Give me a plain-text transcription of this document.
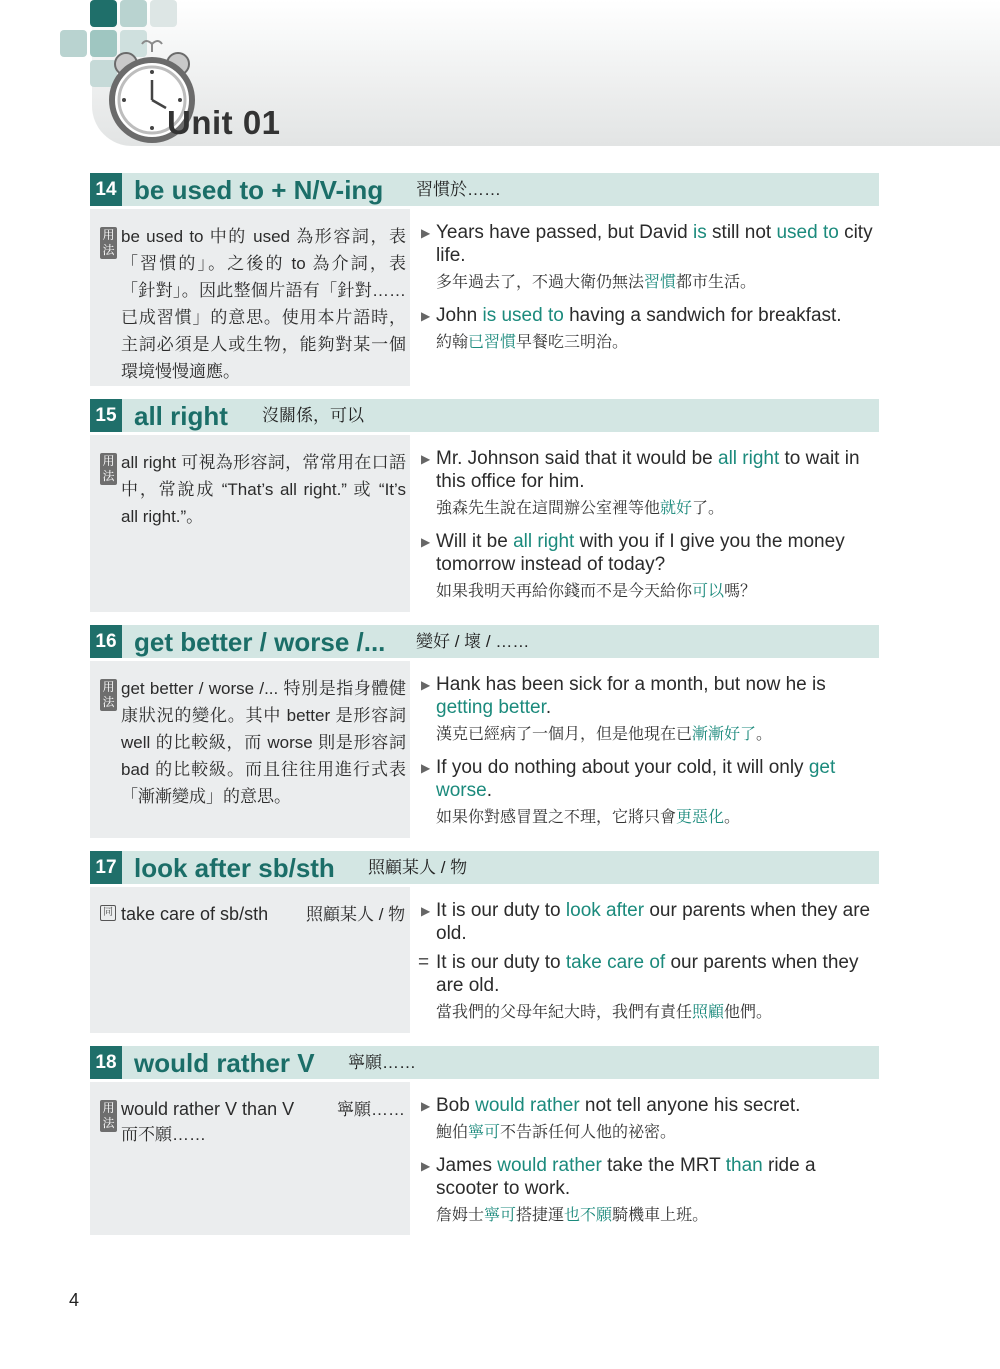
Unit 01
14 be used to + N/V-ing 習慣於……
用法
be used to 中的 used 為形容詞，表「習慣的」。之後的 to 為介詞，表「針對」。因此整個片語有「針對……已成習慣」的意思。使用本片語時，主詞必須是人或生物，能夠對某一個環境慢慢適應。
▶ Years have passed, but David is still not used to city life.
多年過去了，不過大衛仍無法習慣都市生活。
▶ John is used to having a sandwich for breakfast.
約翰已習慣早餐吃三明治。
15 all right 沒關係，可以
用法
all right 可視為形容詞，常常用在口語中，常說成 “That’s all right.” 或 “It’s all right.”。
▶ Mr. Johnson said that it would be all right to wait in this office for him.
強森先生說在這間辦公室裡等他就好了。
▶ Will it be all right with you if I give you the money tomorrow instead of today?
如果我明天再給你錢而不是今天給你可以嗎？
16 get better / worse /... 變好 / 壞 / ……
用法
get better / worse /... 特別是指身體健康狀況的變化。其中 better 是形容詞 well 的比較級，而 worse 則是形容詞 bad 的比較級。而且往往用進行式表「漸漸變成」的意思。
▶ Hank has been sick for a month, but now he is getting better.
漢克已經病了一個月，但是他現在已漸漸好了。
▶ If you do nothing about your cold, it will only get worse.
如果你對感冒置之不理，它將只會更惡化。
17 look after sb/sth 照顧某人 / 物
同 take care of sb/sth	照顧某人 / 物 ▶ It is our duty to look after our parents when they are old.
= It is our duty to take care of our parents when they are old.
當我們的父母年紀大時，我們有責任照顧他們。
18 would rather V 寧願……
用法
would rather V than V
而不願……
寧願…… ▶ Bob would rather not tell anyone his secret.
鮑伯寧可不告訴任何人他的祕密。
▶ James would rather take the MRT than ride a scooter to work.
詹姆士寧可搭捷運也不願騎機車上班。
4
